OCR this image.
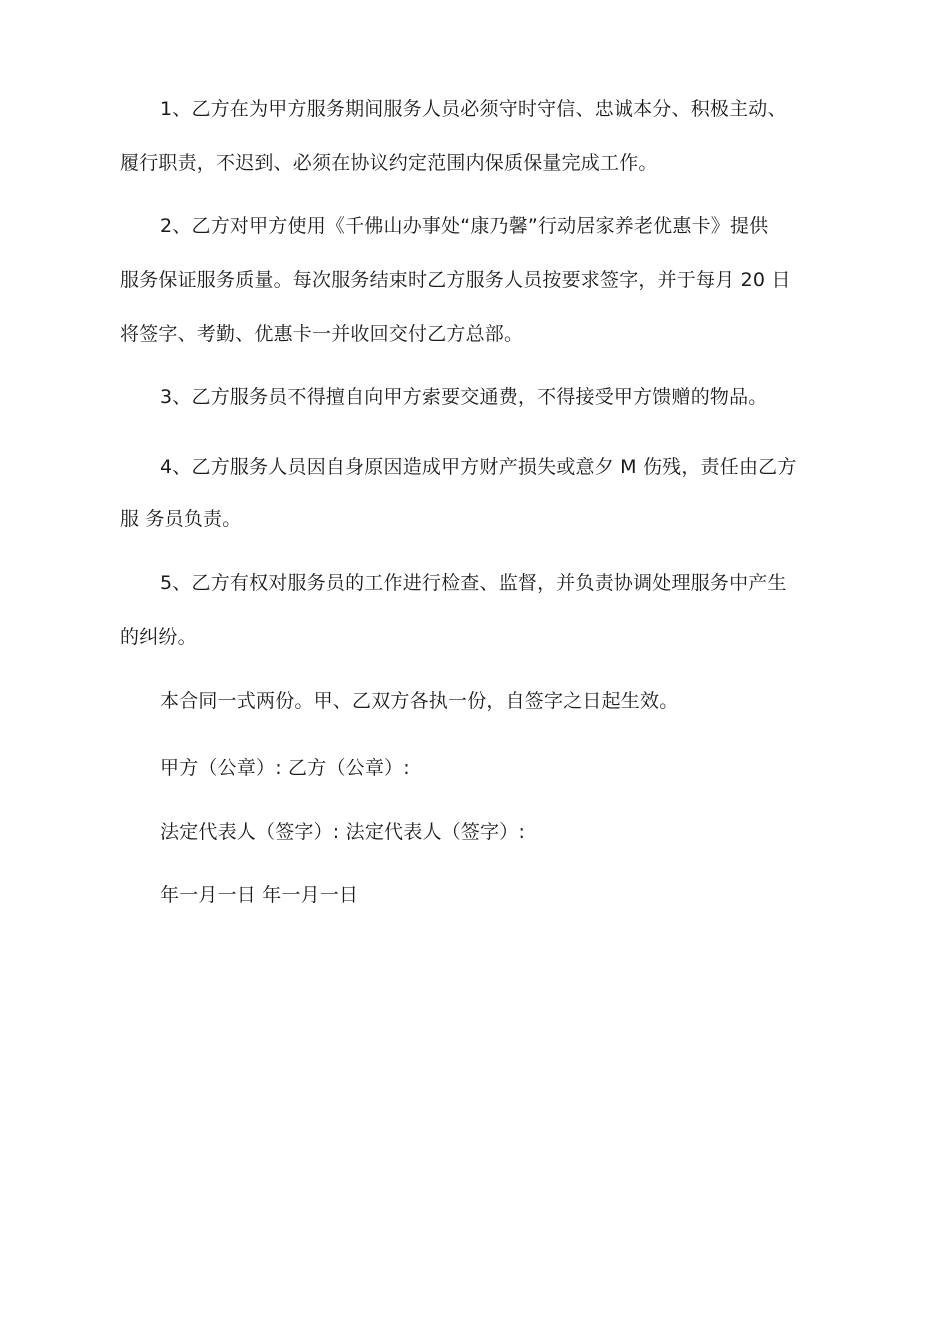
1、乙方在为甲方服务期间服务人员必须守时守信、忠诚本分、积极主动、
履行职责，不迟到、必须在协议约定范围内保质保量完成工作。
2、乙方对甲方使用《千佛山办事处“康乃馨”行动居家养老优惠卡》提供
服务保证服务质量。每次服务结束时乙方服务人员按要求签字，并于每月 20 日
将签字、考勤、优惠卡一并收回交付乙方总部。
3、乙方服务员不得擅自向甲方索要交通费，不得接受甲方馈赠的物品。
4、乙方服务人员因自身原因造成甲方财产损失或意夕 M 伤残，责任由乙方
服 务员负责。
5、乙方有权对服务员的工作进行检查、监督，并负责协调处理服务中产生
的纠纷。
本合同一式两份。甲、乙双方各执一份，自签字之日起生效。
甲方（公章）: 乙方（公章）:
法定代表人（签字）: 法定代表人（签字）:
年一月一日 年一月一日
